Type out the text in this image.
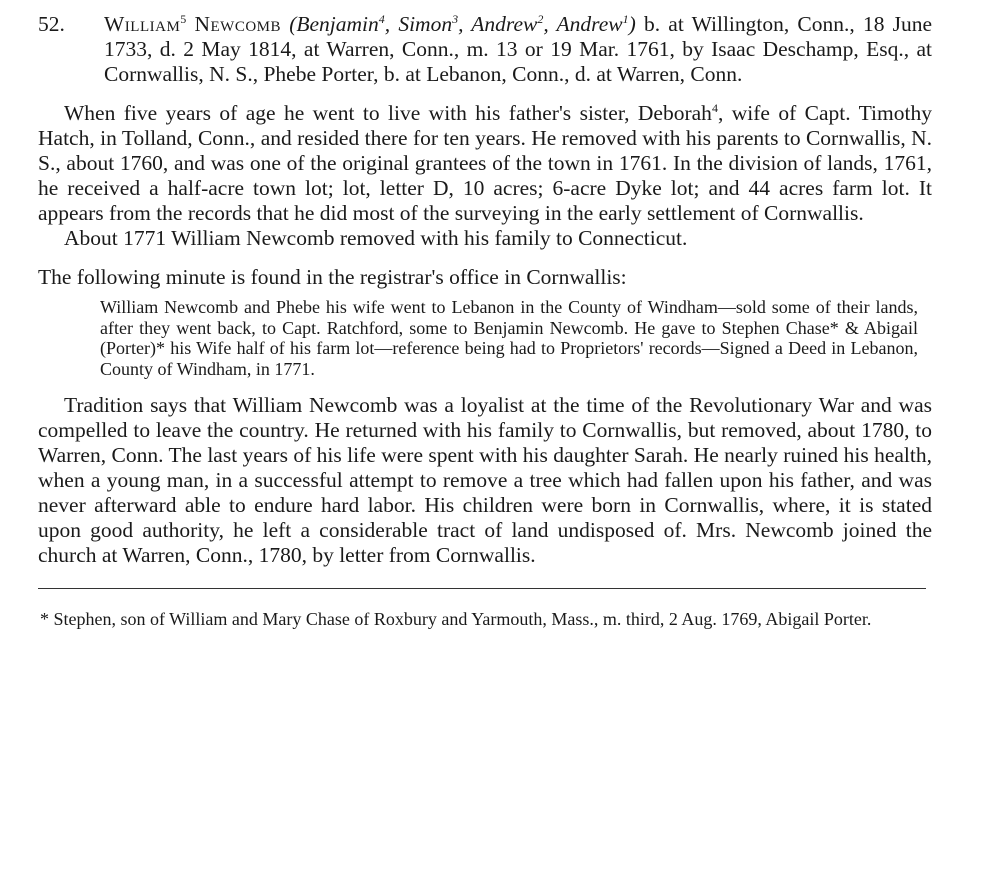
52. William$^5$ Newcomb (Benjamin$^4$, Simon$^3$, Andrew$^2$, Andrew$^1$) b. at Willington, Conn., 18 June 1733, d. 2 May 1814, at Warren, Conn., m. 13 or 19 Mar. 1761, by Isaac Deschamp, Esq., at Cornwallis, N. S., Phebe Porter, b. at Lebanon, Conn., d. at Warren, Conn.

When five years of age he went to live with his father's sister, Deborah$^4$, wife of Capt. Timothy Hatch, in Tolland, Conn., and resided there for ten years. He removed with his parents to Cornwallis, N. S., about 1760, and was one of the original grantees of the town in 1761. In the division of lands, 1761, he received a half-acre town lot; lot, letter D, 10 acres; 6-acre Dyke lot; and 44 acres farm lot. It appears from the records that he did most of the surveying in the early settlement of Cornwallis.

About 1771 William Newcomb removed with his family to Connecticut.

The following minute is found in the registrar's office in Cornwallis:

William Newcomb and Phebe his wife went to Lebanon in the County of Windham—sold some of their lands, after they went back, to Capt. Ratchford, some to Benjamin Newcomb. He gave to Stephen Chase* & Abigail (Porter)* his Wife half of his farm lot—reference being had to Proprietors' records—Signed a Deed in Lebanon, County of Windham, in 1771.

Tradition says that William Newcomb was a loyalist at the time of the Revolutionary War and was compelled to leave the country. He returned with his family to Cornwallis, but removed, about 1780, to Warren, Conn. The last years of his life were spent with his daughter Sarah. He nearly ruined his health, when a young man, in a successful attempt to remove a tree which had fallen upon his father, and was never afterward able to endure hard labor. His children were born in Cornwallis, where, it is stated upon good authority, he left a considerable tract of land undisposed of. Mrs. Newcomb joined the church at Warren, Conn., 1780, by letter from Cornwallis.

* Stephen, son of William and Mary Chase of Roxbury and Yarmouth, Mass., m. third, 2 Aug. 1769, Abigail Porter.
